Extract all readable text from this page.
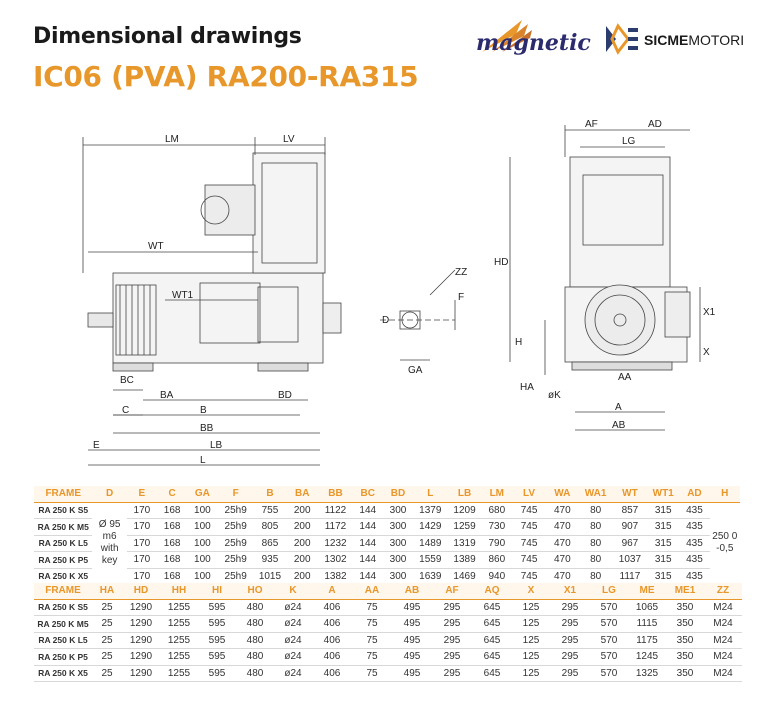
Dimensional drawings
IC06 (PVA) RA200-RA315
magnetic	SICMEMOTORI
LM	LV
WT
WT1
BC
BA	BD
C	B
BB
E	LB
L
ZZ
F
D
GA
AF	AD
LG
HD
X1
X
H
HA
AA
øK
A
AB
FRAME	D	E	C	GA	F	B	BA	BB	BC	BD	L	LB	LM	LV	WA	WA1	WT	WT1	AD	H
RA 250 K S5	Ø 95 m6 with key	170	168	100	25h9	755	200	1122	144	300	1379	1209	680	745	470	80	857	315	435	250 0 -0,5
RA 250 K M5		170	168	100	25h9	805	200	1172	144	300	1429	1259	730	745	470	80	907	315	435	
RA 250 K L5		170	168	100	25h9	865	200	1232	144	300	1489	1319	790	745	470	80	967	315	435	
RA 250 K P5		170	168	100	25h9	935	200	1302	144	300	1559	1389	860	745	470	80	1037	315	435	
RA 250 K X5		170	168	100	25h9	1015	200	1382	144	300	1639	1469	940	745	470	80	1117	315	435	
FRAME	HA	HD	HH	HI	HO	K	A	AA	AB	AF	AQ	X	X1	LG	ME	ME1	ZZ
RA 250 K S5	25	1290	1255	595	480	ø24	406	75	495	295	645	125	295	570	1065	350	M24
RA 250 K M5	25	1290	1255	595	480	ø24	406	75	495	295	645	125	295	570	1115	350	M24
RA 250 K L5	25	1290	1255	595	480	ø24	406	75	495	295	645	125	295	570	1175	350	M24
RA 250 K P5	25	1290	1255	595	480	ø24	406	75	495	295	645	125	295	570	1245	350	M24
RA 250 K X5	25	1290	1255	595	480	ø24	406	75	495	295	645	125	295	570	1325	350	M24
